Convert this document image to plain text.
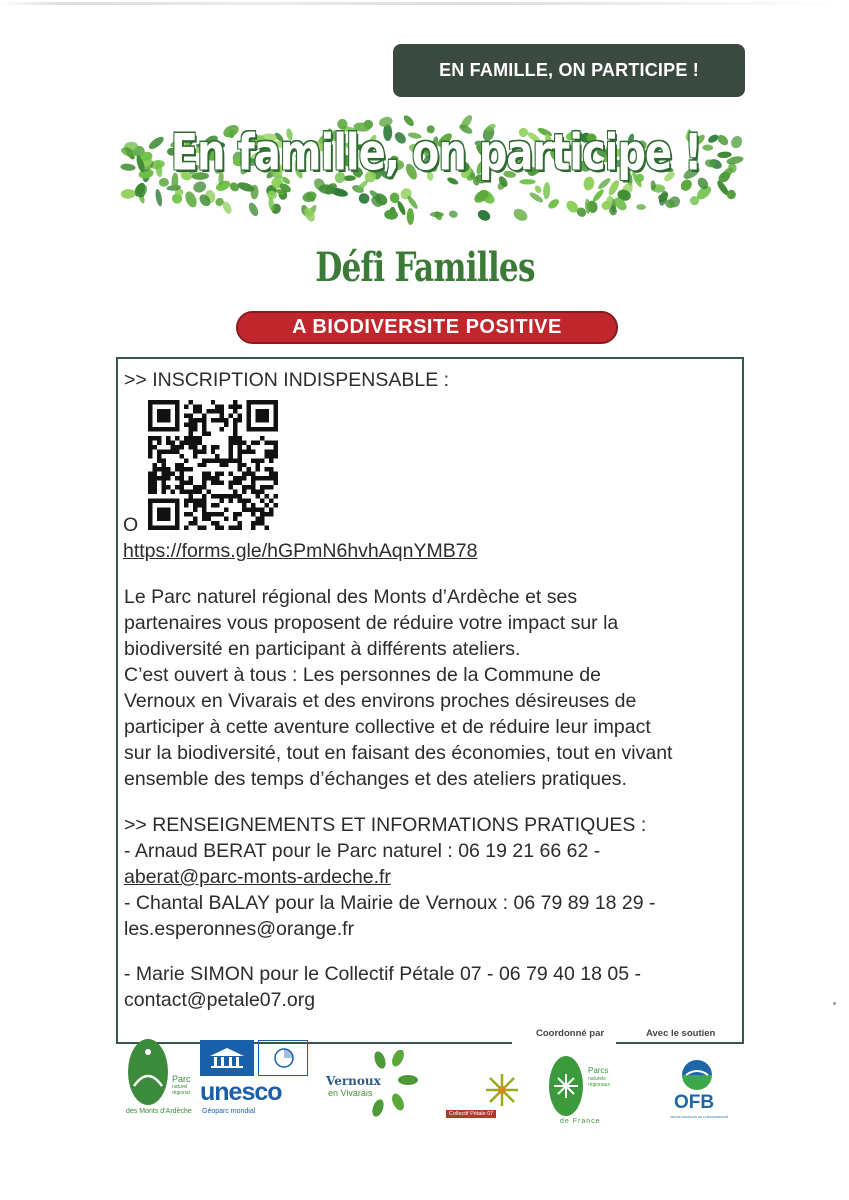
EN FAMILLE, ON PARTICIPE !
En famille, on participe !
Défi Familles
A BIODIVERSITE POSITIVE
>> INSCRIPTION INDISPENSABLE :
O
https://forms.gle/hGPmN6hvhAqnYMB78
Le Parc naturel régional des Monts d’Ardèche et ses
partenaires vous proposent de réduire votre impact sur la
biodiversité en participant à différents ateliers.
C’est ouvert à tous : Les personnes de la Commune de
Vernoux en Vivarais et des environs proches désireuses de
participer à cette aventure collective et de réduire leur impact
sur la biodiversité, tout en faisant des économies, tout en vivant
ensemble des temps d’échanges et des ateliers pratiques.
>> RENSEIGNEMENTS ET INFORMATIONS PRATIQUES :
- Arnaud BERAT pour le Parc naturel : 06 19 21 66 62 -
aberat@parc-monts-ardeche.fr
- Chantal BALAY pour la Mairie de Vernoux : 06 79 89 18 29 -
les.esperonnes@orange.fr
- Marie SIMON pour le Collectif Pétale 07 - 06 79 40 18 05 -
contact@petale07.org
Coordonné par	Avec le soutien
Parc
naturel
régional
des Monts d’Ardèche
unesco
Géoparc mondial
Vernoux
en Vivarais
Collectif Pétale 07
Parcs
naturels
régionaux
de France
OFB
OFFICE FRANÇAIS DE LA BIODIVERSITÉ
